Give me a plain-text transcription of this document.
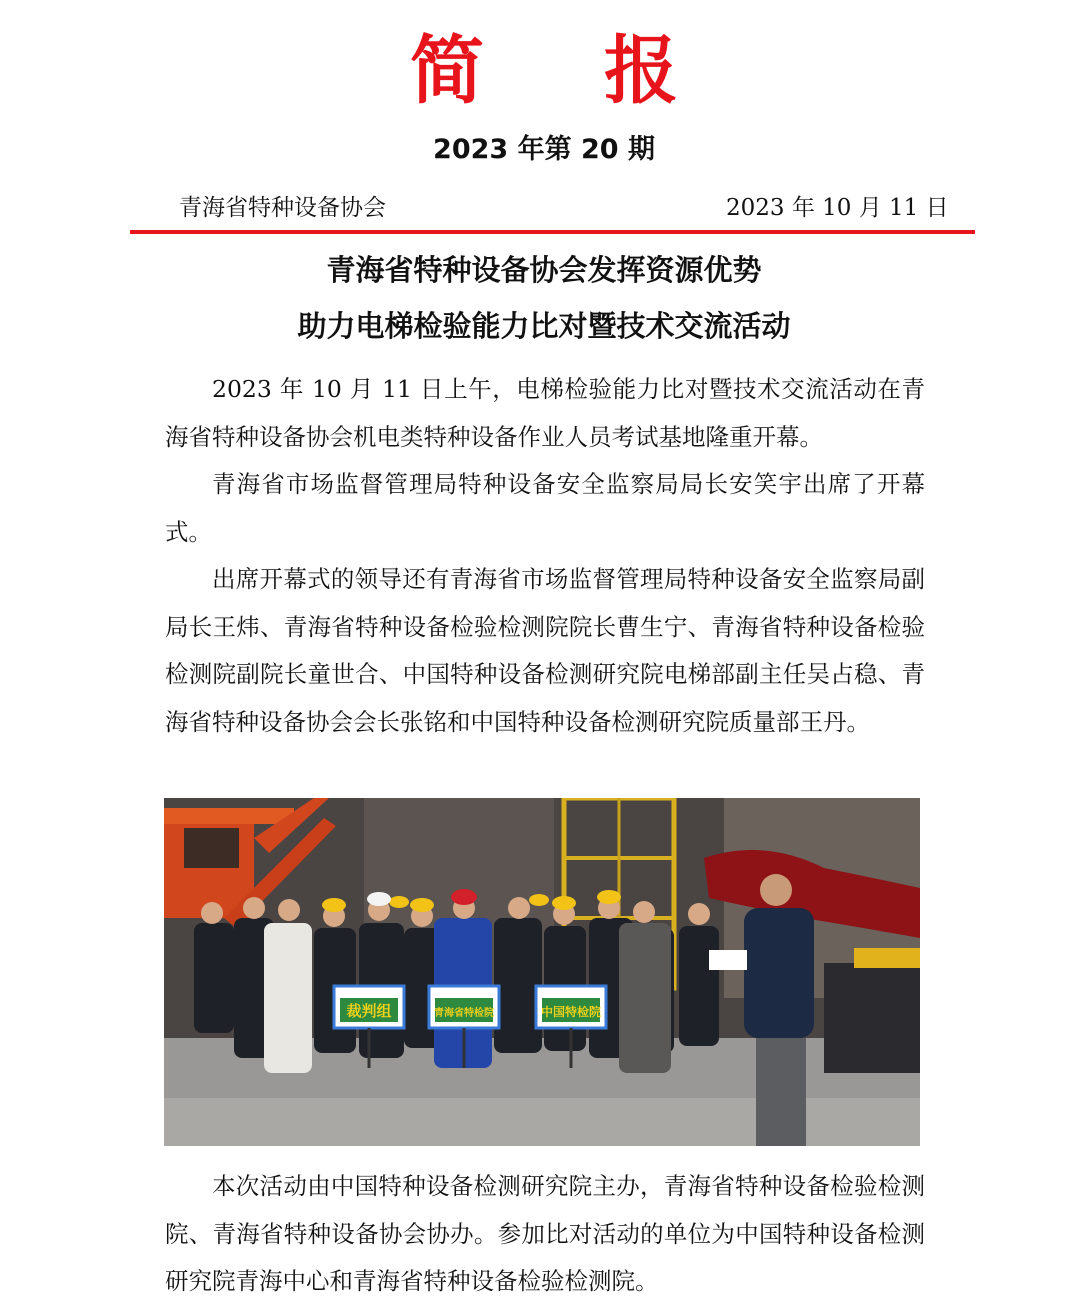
简报
2023 年第 20 期
青海省特种设备协会	2023 年 10 月 11 日
青海省特种设备协会发挥资源优势
助力电梯检验能力比对暨技术交流活动

2023 年 10 月 11 日上午，电梯检验能力比对暨技术交流活动在青海省特种设备协会机电类特种设备作业人员考试基地隆重开幕。

青海省市场监督管理局特种设备安全监察局局长安笑宇出席了开幕式。

出席开幕式的领导还有青海省市场监督管理局特种设备安全监察局副局长王炜、青海省特种设备检验检测院院长曹生宁、青海省特种设备检验检测院副院长童世合、中国特种设备检测研究院电梯部副主任吴占稳、青海省特种设备协会会长张铭和中国特种设备检测研究院质量部王丹。

裁判组	青海省特检院	中国特检院

本次活动由中国特种设备检测研究院主办，青海省特种设备检验检测院、青海省特种设备协会协办。参加比对活动的单位为中国特种设备检测研究院青海中心和青海省特种设备检验检测院。
